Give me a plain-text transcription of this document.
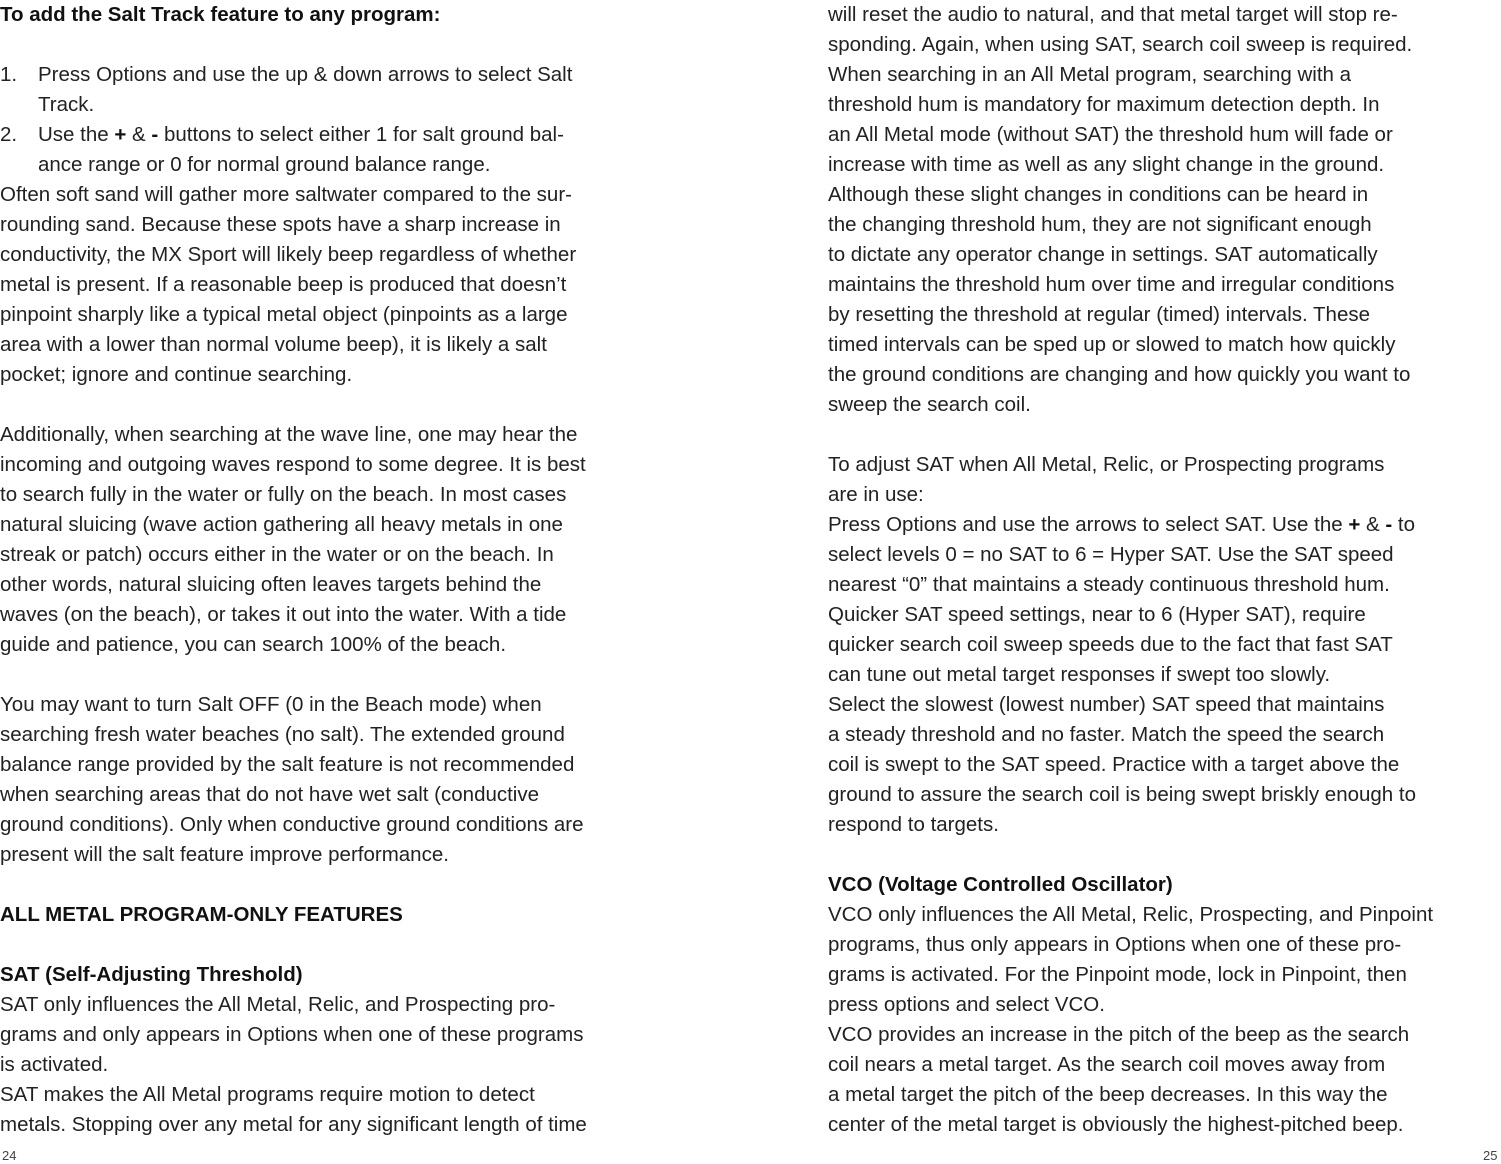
To add the Salt Track feature to any program:
1. Press Options and use the up & down arrows to select Salt
Track.
2. Use the + & - buttons to select either 1 for salt ground bal-
ance range or 0 for normal ground balance range.
Often soft sand will gather more saltwater compared to the sur-
rounding sand. Because these spots have a sharp increase in
conductivity, the MX Sport will likely beep regardless of whether
metal is present. If a reasonable beep is produced that doesn’t
pinpoint sharply like a typical metal object (pinpoints as a large
area with a lower than normal volume beep), it is likely a salt
pocket; ignore and continue searching.
Additionally, when searching at the wave line, one may hear the
incoming and outgoing waves respond to some degree. It is best
to search fully in the water or fully on the beach. In most cases
natural sluicing (wave action gathering all heavy metals in one
streak or patch) occurs either in the water or on the beach. In
other words, natural sluicing often leaves targets behind the
waves (on the beach), or takes it out into the water. With a tide
guide and patience, you can search 100% of the beach.
You may want to turn Salt OFF (0 in the Beach mode) when
searching fresh water beaches (no salt). The extended ground
balance range provided by the salt feature is not recommended
when searching areas that do not have wet salt (conductive
ground conditions). Only when conductive ground conditions are
present will the salt feature improve performance.
ALL METAL PROGRAM-ONLY FEATURES
SAT (Self-Adjusting Threshold)
SAT only influences the All Metal, Relic, and Prospecting pro-
grams and only appears in Options when one of these programs
is activated.
SAT makes the All Metal programs require motion to detect
metals. Stopping over any metal for any significant length of time
24
will reset the audio to natural, and that metal target will stop re-
sponding. Again, when using SAT, search coil sweep is required.
When searching in an All Metal program, searching with a
threshold hum is mandatory for maximum detection depth. In
an All Metal mode (without SAT) the threshold hum will fade or
increase with time as well as any slight change in the ground.
Although these slight changes in conditions can be heard in
the changing threshold hum, they are not significant enough
to dictate any operator change in settings. SAT automatically
maintains the threshold hum over time and irregular conditions
by resetting the threshold at regular (timed) intervals. These
timed intervals can be sped up or slowed to match how quickly
the ground conditions are changing and how quickly you want to
sweep the search coil.
To adjust SAT when All Metal, Relic, or Prospecting programs
are in use:
Press Options and use the arrows to select SAT. Use the + & - to
select levels 0 = no SAT to 6 = Hyper SAT. Use the SAT speed
nearest “0” that maintains a steady continuous threshold hum.
Quicker SAT speed settings, near to 6 (Hyper SAT), require
quicker search coil sweep speeds due to the fact that fast SAT
can tune out metal target responses if swept too slowly.
Select the slowest (lowest number) SAT speed that maintains
a steady threshold and no faster. Match the speed the search
coil is swept to the SAT speed. Practice with a target above the
ground to assure the search coil is being swept briskly enough to
respond to targets.
VCO (Voltage Controlled Oscillator)
VCO only influences the All Metal, Relic, Prospecting, and Pinpoint
programs, thus only appears in Options when one of these pro-
grams is activated. For the Pinpoint mode, lock in Pinpoint, then
press options and select VCO.
VCO provides an increase in the pitch of the beep as the search
coil nears a metal target. As the search coil moves away from
a metal target the pitch of the beep decreases. In this way the
center of the metal target is obviously the highest-pitched beep.
25
